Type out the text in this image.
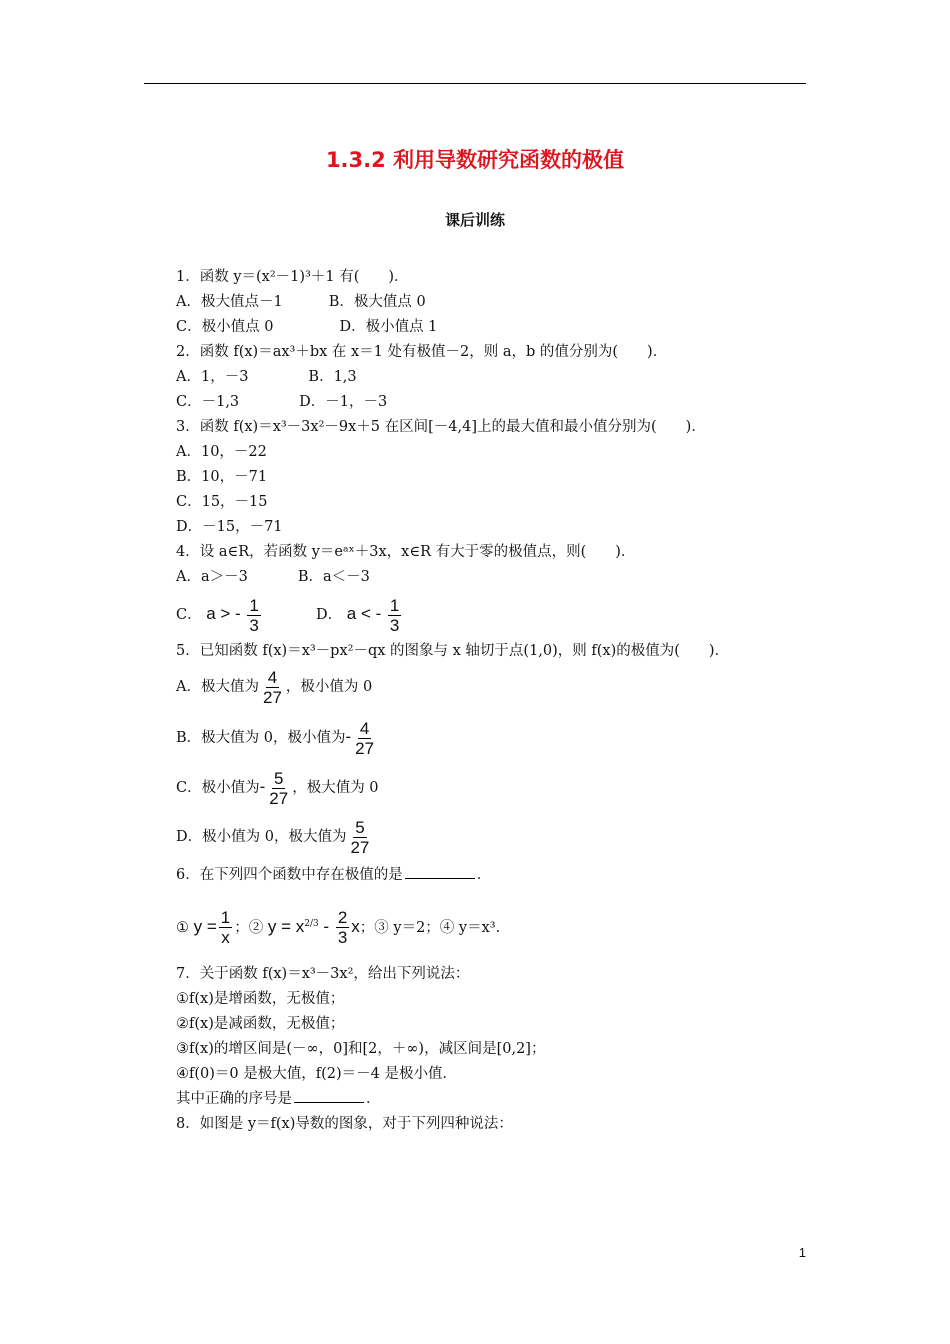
1.3.2 利用导数研究函数的极值
课后训练
1．函数 y＝(x²－1)³＋1 有(　　)．
A．极大值点－1	B．极大值点 0
C．极小值点 0	D．极小值点 1
2．函数 f(x)＝ax³＋bx 在 x＝1 处有极值－2，则 a，b 的值分别为(　　)．
A．1，－3	B．1,3
C．－1,3	D．－1，－3
3．函数 f(x)＝x³－3x²－9x＋5 在区间[－4,4]上的最大值和最小值分别为(　　)．
A．10，－22
B．10，－71
C．15，－15
D．－15，－71
4．设 a∈R，若函数 y＝eᵃˣ＋3x，x∈R 有大于零的极值点，则(　　)．
A．a＞－3	B．a＜－3
C． a > - $\frac{1}{3}$	D． a < - $\frac{1}{3}$
5．已知函数 f(x)＝x³－px²－qx 的图象与 x 轴切于点(1,0)，则 f(x)的极值为(　　)．
A．极大值为 $\frac{4}{27}$ ，极小值为 0
B．极大值为 0，极小值为- $\frac{4}{27}$
C．极小值为- $\frac{5}{27}$ ，极大值为 0
D．极小值为 0，极大值为 $\frac{5}{27}$
6．在下列四个函数中存在极值的是	．
① $y = \frac{1}{x}$ ；② $y = x^{2/3} - \frac{2}{3}$ x；③ y＝2；④ y＝x³.
7．关于函数 f(x)＝x³－3x²，给出下列说法：
①f(x)是增函数，无极值；
②f(x)是减函数，无极值；
③f(x)的增区间是(－∞，0]和[2，＋∞)，减区间是[0,2]；
④f(0)＝0 是极大值，f(2)＝－4 是极小值．
其中正确的序号是	．
8．如图是 y＝f(x)导数的图象，对于下列四种说法：
1
